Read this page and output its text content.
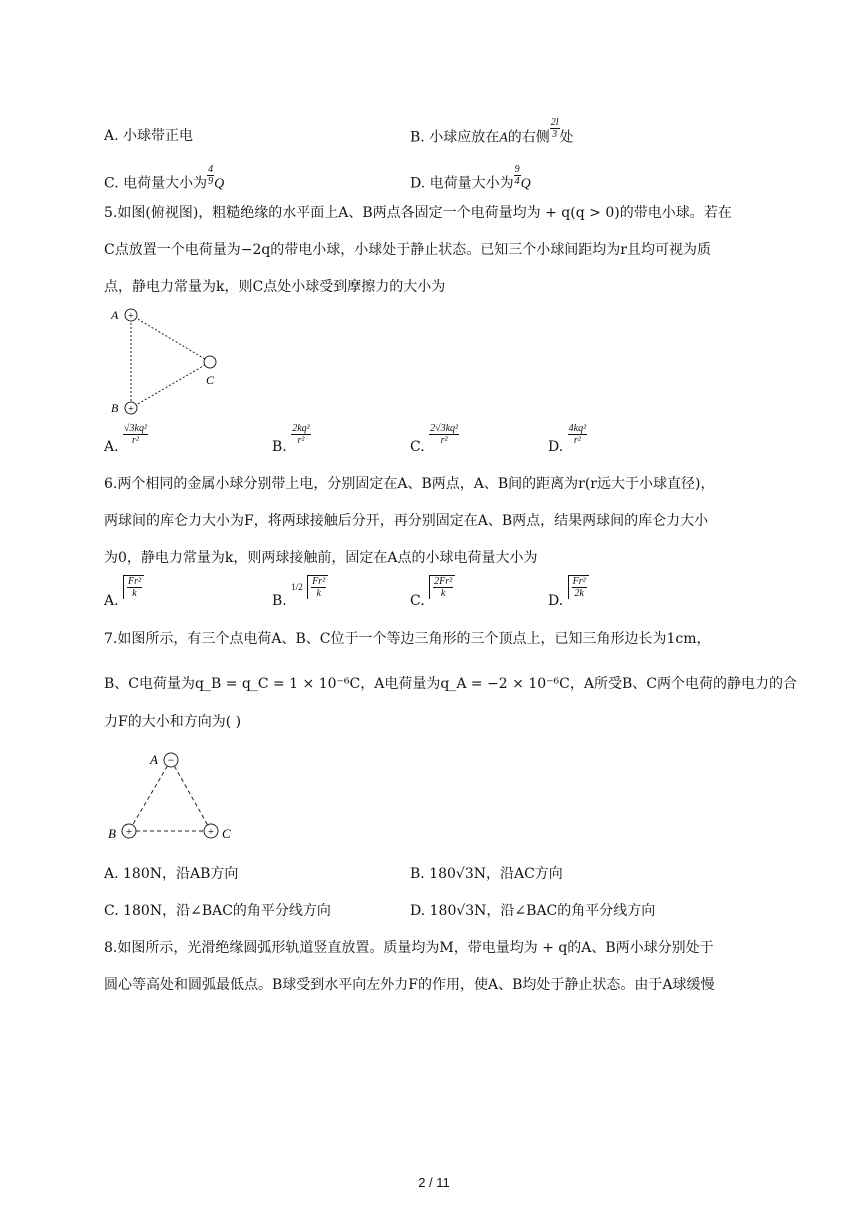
A. 小球带正电	B. 小球应放在A的右侧 $\frac{2l}{3}$ 处
C. 电荷量大小为 $\frac{4}{9}$ Q	D. 电荷量大小为 $\frac{9}{4}$ Q
5.如图(俯视图)，粗糙绝缘的水平面上A、B两点各固定一个电荷量均为 + q(q > 0)的带电小球。若在
C点放置一个电荷量为−2q的带电小球，小球处于静止状态。已知三个小球间距均为r且均可视为质
点，静电力常量为k，则C点处小球受到摩擦力的大小为
+
+
A
B
C
A.
$\frac{\text{√3kq²}}{\text{r²}}$
B.
$\frac{\text{2kq²}}{\text{r²}}$
C.
$\frac{\text{2√3kq²}}{\text{r²}}$
D.
$\frac{\text{4kq²}}{\text{r²}}$
6.两个相同的金属小球分别带上电，分别固定在A、B两点，A、B间的距离为r(r远大于小球直径)，
两球间的库仑力大小为F，将两球接触后分开，再分别固定在A、B两点，结果两球间的库仑力大小
为0，静电力常量为k，则两球接触前，固定在A点的小球电荷量大小为
A.
$\frac{\text{Fr²}}{k}$
B. $1/2 \frac{\text{Fr²}}{k}$
C.
$\frac{\text{2Fr²}}{k}$
D.
$\frac{\text{Fr²}}{2k}$
7.如图所示，有三个点电荷A、B、C位于一个等边三角形的三个顶点上，已知三角形边长为1cm，
B、C电荷量为q_B = q_C = 1 × 10⁻⁶C，A电荷量为q_A = −2 × 10⁻⁶C，A所受B、C两个电荷的静电力的合
力F的大小和方向为( )
−
+	+
A
B	C
A. 180N，沿AB方向	B. 180√3N，沿AC方向
C. 180N，沿∠BAC的角平分线方向	D. 180√3N，沿∠BAC的角平分线方向
8.如图所示，光滑绝缘圆弧形轨道竖直放置。质量均为M，带电量均为 + q的A、B两小球分别处于
圆心等高处和圆弧最低点。B球受到水平向左外力F的作用，使A、B均处于静止状态。由于A球缓慢
2 / 11
